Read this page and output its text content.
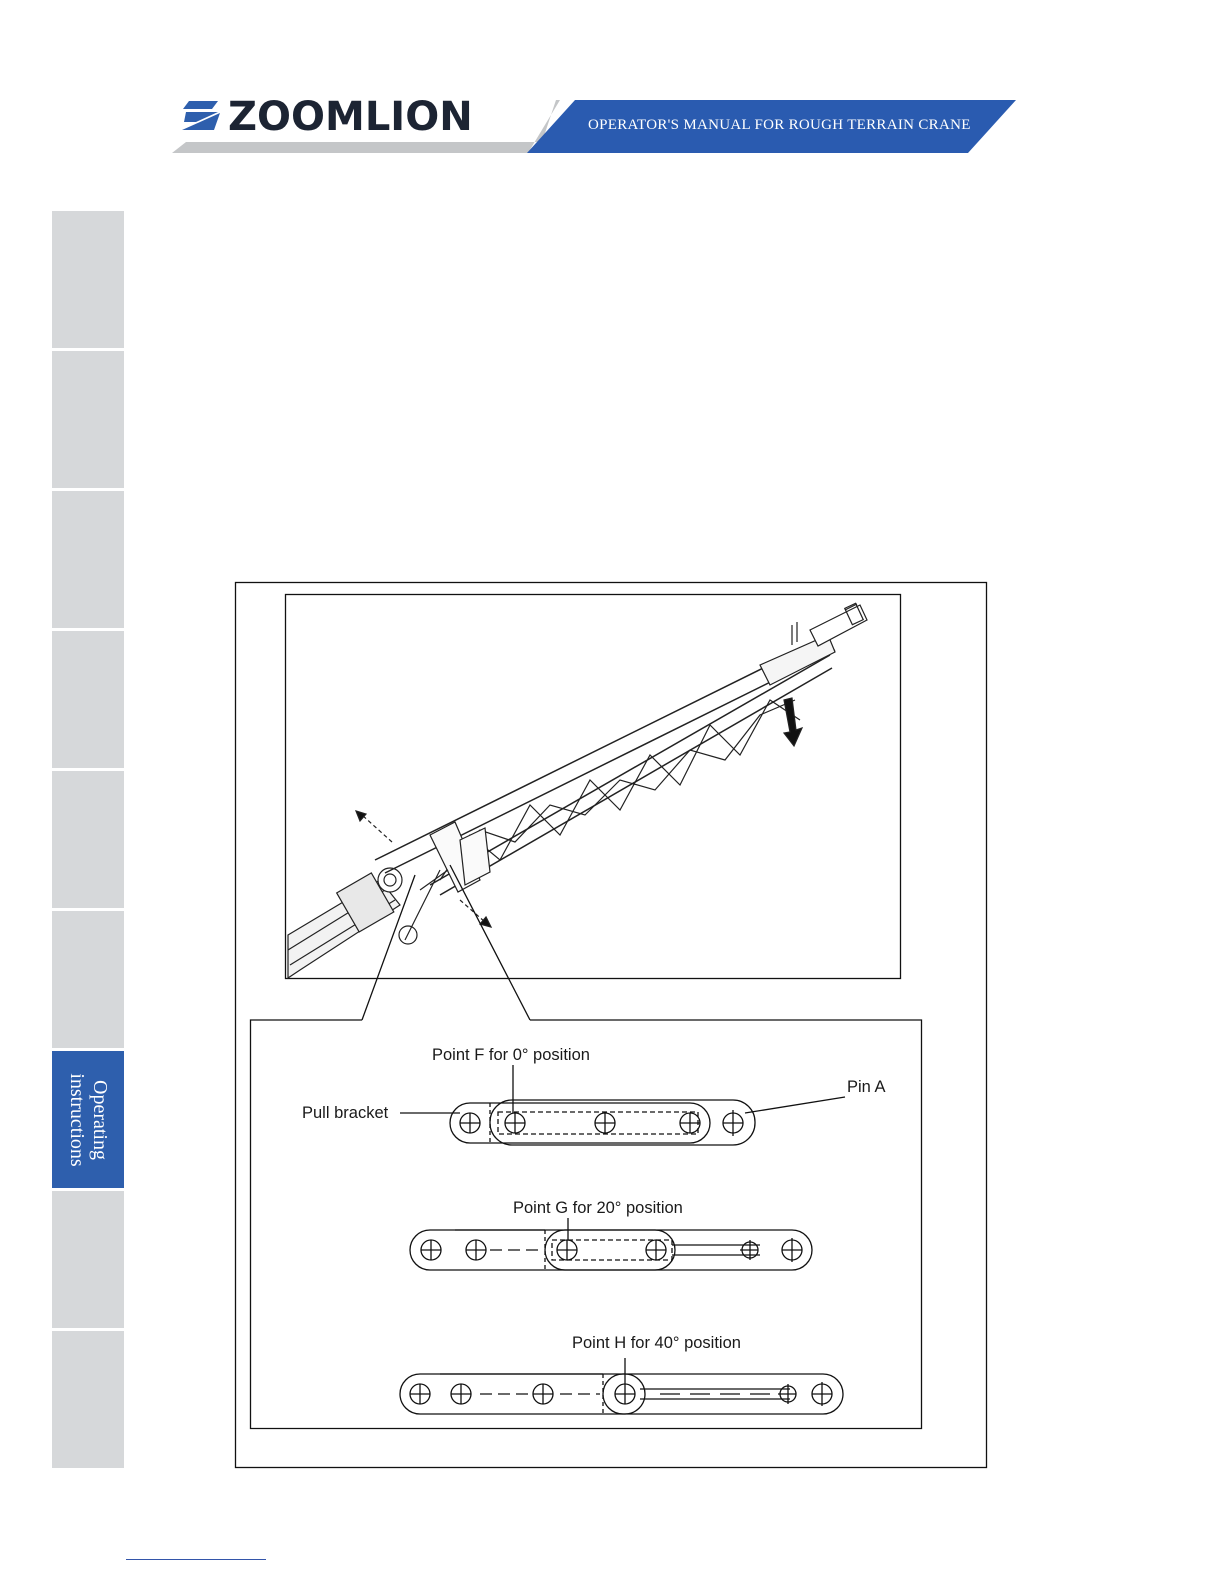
ZOOMLION	OPERATOR'S MANUAL FOR ROUGH TERRAIN CRANE
Operating instructions
Point F for 0° position
Pin A
Pull bracket
Point G for 20° position
Point H for 40° position
